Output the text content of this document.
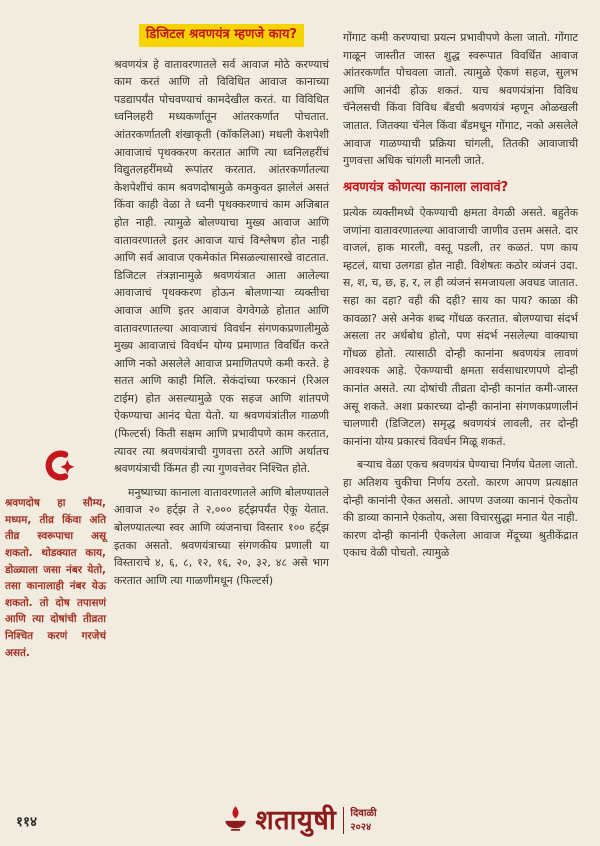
श्रवणदोष हा सौम्य, मध्यम, तीव्र किंवा अति तीव्र स्वरूपाचा असू शकतो. थोडक्यात काय, डोळ्याला जसा नंबर येतो, तसा कानालाही नंबर येऊ शकतो. तो दोष तपासणं आणि त्या दोषांची तीव्रता निश्चित करणं गरजेचं असतं.

डिजिटल श्रवणयंत्र म्हणजे काय?

श्रवणयंत्र हे वातावरणातले सर्व आवाज मोठे करण्याचं काम करतं आणि तो विविधित आवाज कानाच्या पडद्यापर्यंत पोचवण्याचं कामदेखील करतं. या विविधित ध्वनिलहरी मध्यकर्णातून आंतरकर्णात पोचतात. आंतरकर्णातली शंखाकृती (कॉकलिआ) मधली केशपेशी आवाजाचं पृथक्करण करतात आणि त्या ध्वनिलहरींचं विद्युतलहरींमध्ये रूपांतर करतात. आंतरकर्णातल्या केशपेशींचं काम श्रवणदोषामुळे कमकुवत झालेलं असतं किंवा काही वेळा ते ध्वनी पृथक्करणाचं काम अजिबात होत नाही. त्यामुळे बोलण्याचा मुख्य आवाज आणि वातावरणातले इतर आवाज याचं विश्लेषण होत नाही आणि सर्व आवाज एकमेकांत मिसळल्यासारखे वाटतात. डिजिटल तंत्रज्ञानामुळे श्रवणयंत्रात आता आलेल्या आवाजाचं पृथक्करण होऊन बोलणाऱ्या व्यक्तीचा आवाज आणि इतर आवाज वेगवेगळे होतात आणि वातावरणातल्या आवाजाचं विवर्धन संगणकप्रणालीमुळे मुख्य आवाजाचं विवर्धन योग्य प्रमाणात विवर्धित करते आणि नको असलेले आवाज प्रमाणितपणे कमी करते. हे सतत आणि काही मिलि. सेकंदांच्या फरकानं (रिअल टाईम) होत असल्यामुळे एक सहज आणि शांतपणे ऐकण्याचा आनंद घेता येतो. या श्रवणयंत्रांतील गाळणी (फिल्टर्स) किती सक्षम आणि प्रभावीपणे काम करतात, त्यावर त्या श्रवणयंत्राची गुणवत्ता ठरते आणि अर्थातच श्रवणयंत्राची किंमत ही त्या गुणवत्तेवर निश्चित होते.

मनुष्याच्या कानाला वातावरणातले आणि बोलण्यातले आवाज २० हर्ट्झ ते २,००० हर्ट्झपर्यंत ऐकू येतात. बोलण्यातल्या स्वर आणि व्यंजनाचा विस्तार १०० हर्ट्झ इतका असतो. श्रवणयंत्राच्या संगणकीय प्रणाली या विस्ताराचे ४, ६, ८, १२, १६, २०, ३२, ४८ असे भाग करतात आणि त्या गाळणीमधून (फिल्टर्स)

गोंगाट कमी करण्याचा प्रयत्न प्रभावीपणे केला जातो. गोंगाट गाळून जास्तीत जास्त शुद्ध स्वरूपात विवर्धित आवाज आंतरकर्णांत पोचवला जातो. त्यामुळे ऐकणं सहज, सुलभ आणि आनंदी होऊ शकतं. याच श्रवणयंत्रांना विविध चॅनेलसची किंवा विविध बँडची श्रवणयंत्रं म्हणून ओळखली जातात. जितक्या चॅनेल किंवा बँडमधून गोंगाट, नको असलेले आवाज गाळण्याची प्रक्रिया चांगली, तितकी आवाजाची गुणवत्ता अधिक चांगली मानली जाते.

श्रवणयंत्र कोणत्या कानाला लावावं?

प्रत्येक व्यक्तीमध्ये ऐकण्याची क्षमता वेगळी असते. बहुतेक जणांना वातावरणातल्या आवाजाची जाणीव उत्तम असते. दार वाजलं, हाक मारली, वस्तू पडली, तर कळतं. पण काय म्हटलं, याचा उलगडा होत नाही. विशेषतः कठोर व्यंजनं उदा. स, श, च, छ, ह, र, ल ही व्यंजनं समजायला अवघड जातात. सहा का दहा? वही की दही? साय का पाय? काळा की कावळा? असे अनेक शब्द गोंधळ करतात. बोलण्याचा संदर्भ असला तर अर्थबोध होतो, पण संदर्भ नसलेल्या वाक्याचा गोंधळ होतो. त्यासाठी दोन्ही कानांना श्रवणयंत्र लावणं आवश्यक आहे. ऐकण्याची क्षमता सर्वसाधारणपणे दोन्ही कानांत असते. त्या दोषांची तीव्रता दोन्ही कानांत कमी-जास्त असू शकते. अशा प्रकारच्या दोन्ही कानांना संगणकप्रणालीनं चालणारी (डिजिटल) समृद्ध श्रवणयंत्रं लावली, तर दोन्ही कानांना योग्य प्रकारचं विवर्धन मिळू शकतं.

बऱ्याच वेळा एकच श्रवणयंत्र घेण्याचा निर्णय घेतला जातो. हा अतिशय चुकीचा निर्णय ठरतो. कारण आपण प्रत्यक्षात दोन्ही कानांनी ऐकत असतो. आपण उजव्या कानानं ऐकतोय की डाव्या कानाने ऐकतोय, असा विचारसुद्धा मनात येत नाही. कारण दोन्ही कानांनी ऐकलेला आवाज मेंदूच्या श्रुतीकेंद्रात एकाच वेळी पोचतो. त्यामुळे

११४	शतायुषी दिवाळी
२०२४
